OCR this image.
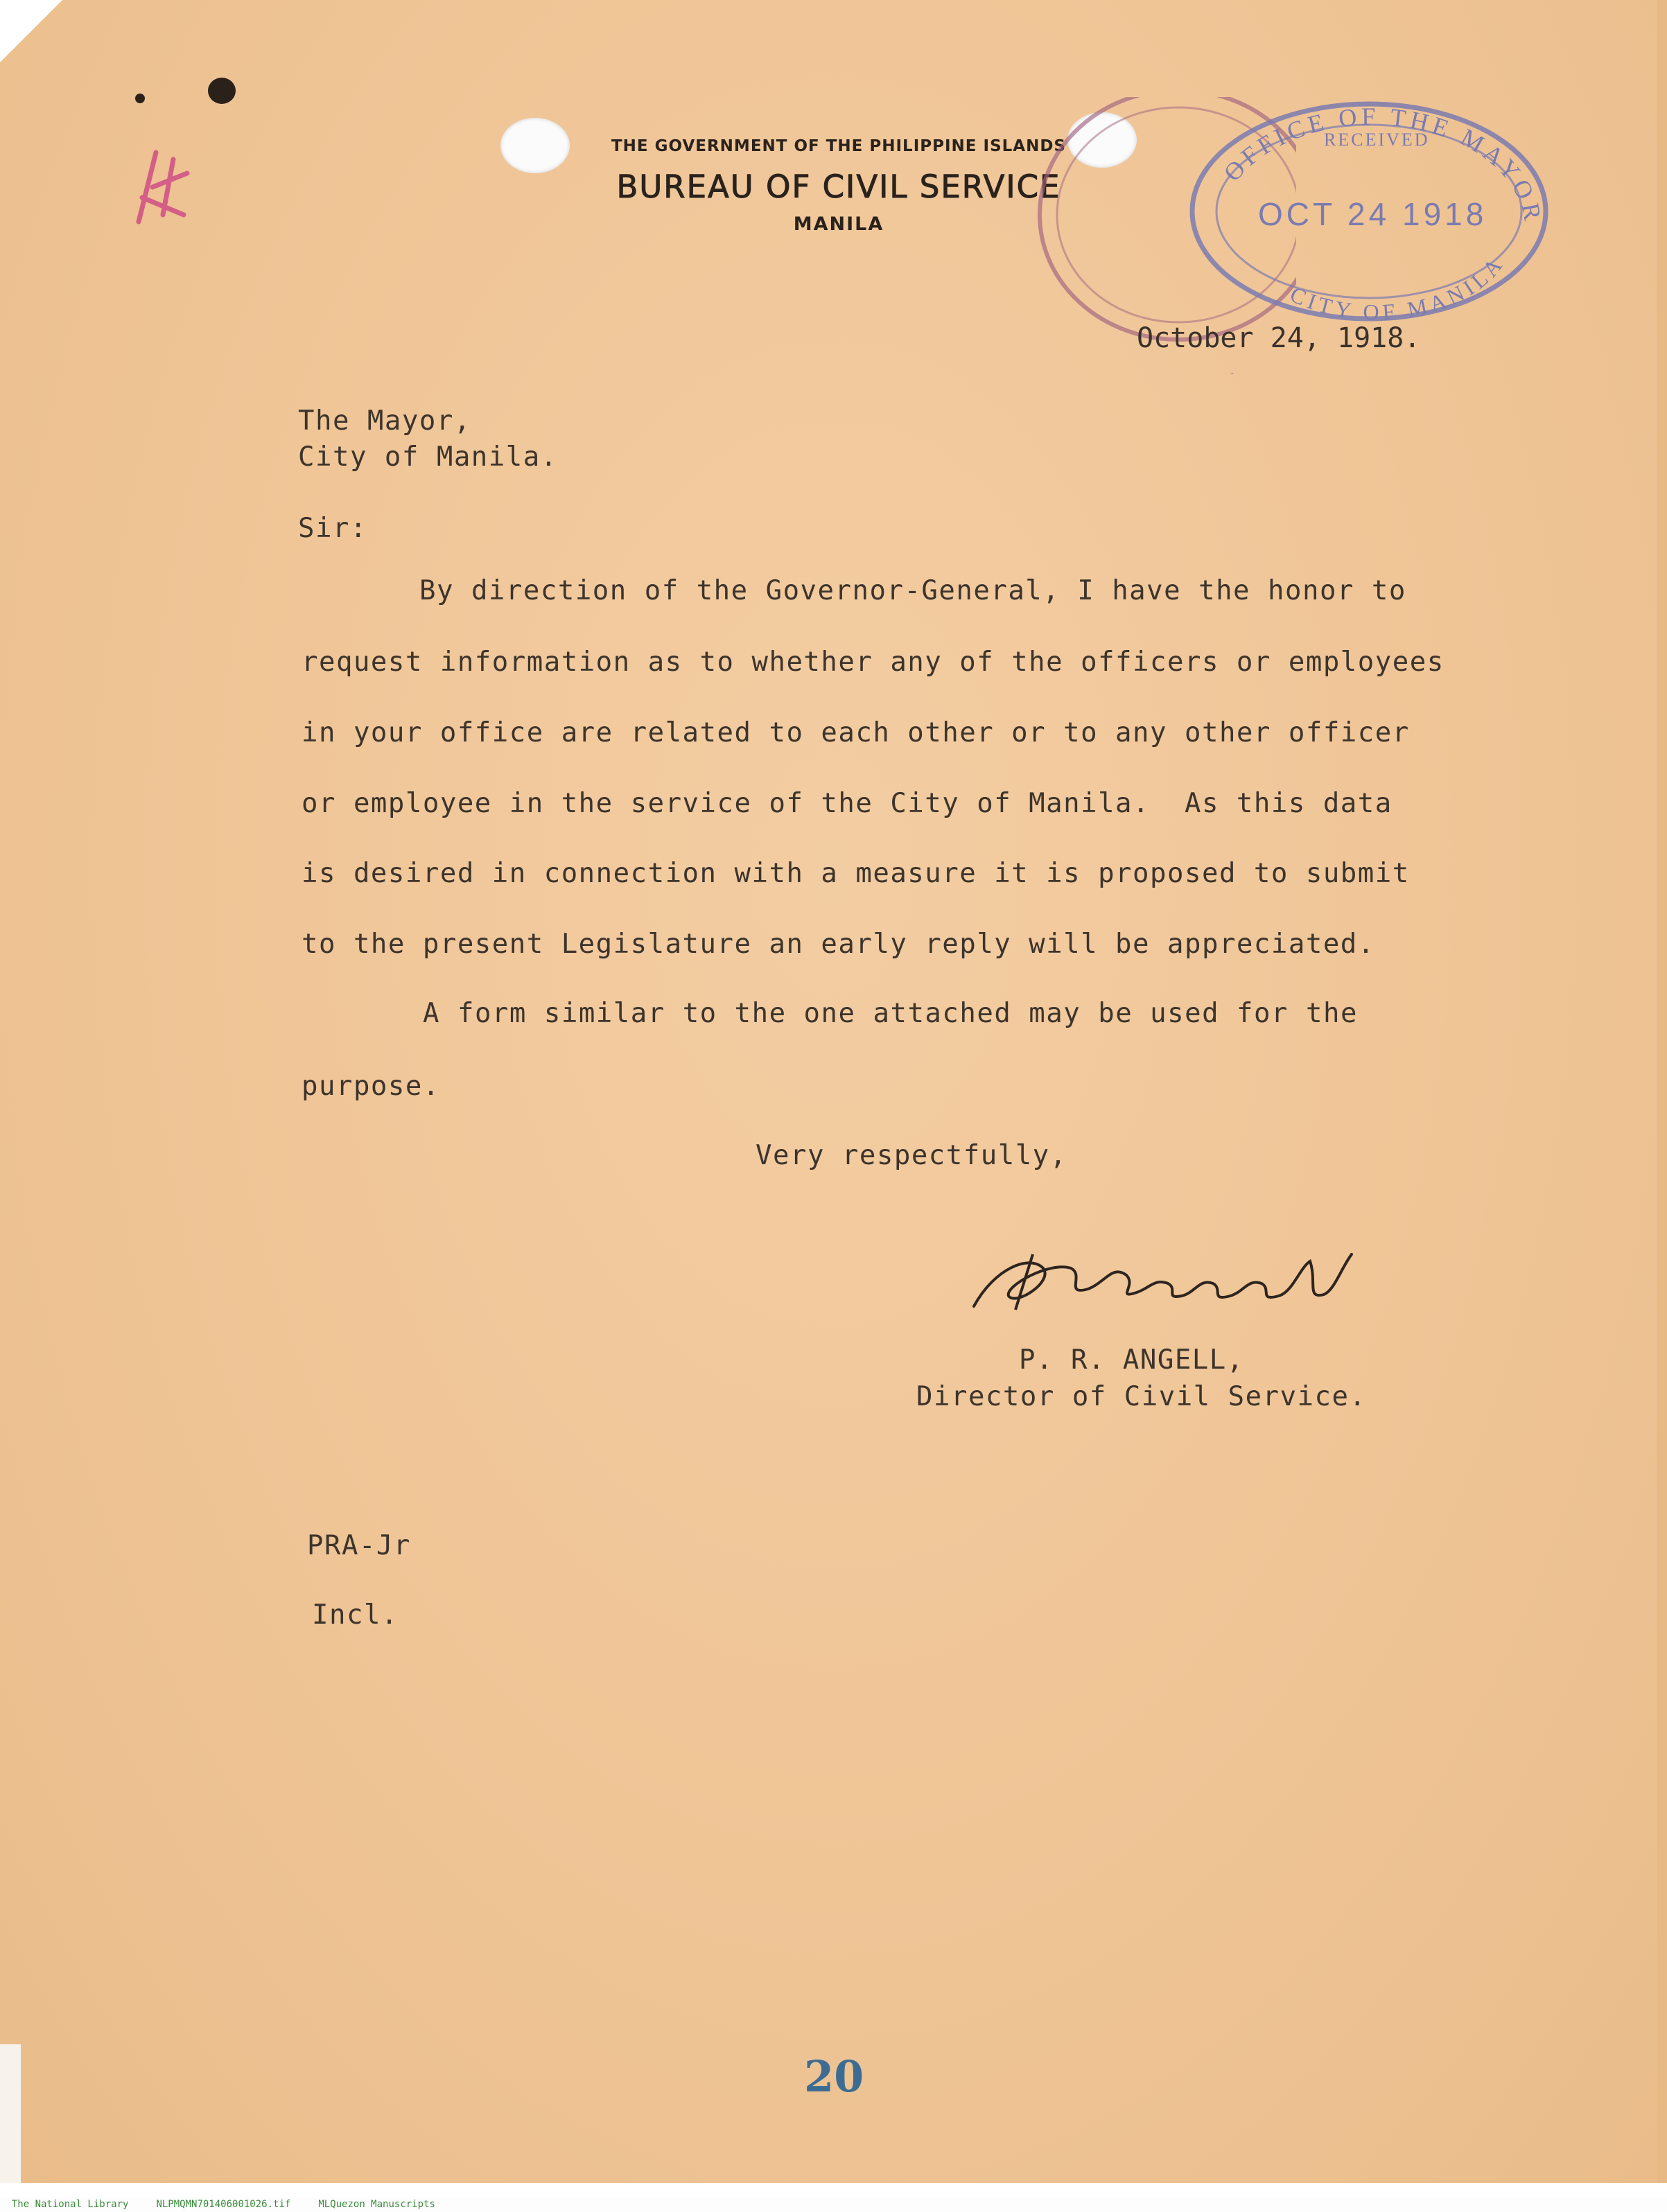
THE GOVERNMENT OF THE PHILIPPINE ISLANDS
BUREAU OF CIVIL SERVICE
MANILA
OFFICE OF THE MAYOR
RECEIVED
CITY OF MANILA
OCT 24 1918
October 24, 1918.
The Mayor,
City of Manila.
Sir:
By direction of the Governor-General, I have the honor to
request information as to whether any of the officers or employees
in your office are related to each other or to any other officer
or employee in the service of the City of Manila.  As this data
is desired in connection with a measure it is proposed to submit
to the present Legislature an early reply will be appreciated.
A form similar to the one attached may be used for the
purpose.
Very respectfully,
P. R. ANGELL,
Director of Civil Service.
PRA-Jr
Incl.
20

The National Library	NLPMQMN701406001026.tif	MLQuezon Manuscripts
